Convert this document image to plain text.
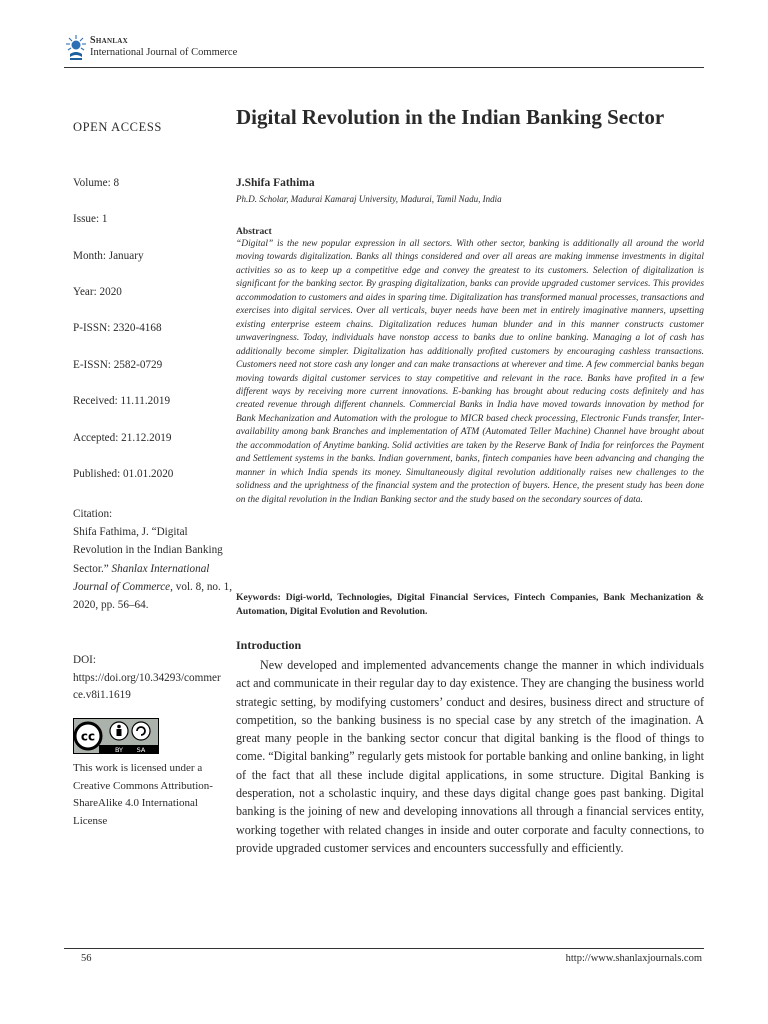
Shanlax
International Journal of Commerce
OPEN ACCESS
Volume: 8
Issue: 1
Month: January
Year: 2020
P-ISSN: 2320-4168
E-ISSN: 2582-0729
Received: 11.11.2019
Accepted: 21.12.2019
Published: 01.01.2020
Citation:
Shifa Fathima, J. “Digital Revolution in the Indian Banking Sector.” Shanlax International Journal of Commerce, vol. 8, no. 1, 2020, pp. 56–64.
DOI:
https://doi.org/10.34293/commerce.v8i1.1619
cc
BY SA
This work is licensed under a Creative Commons Attribution-ShareAlike 4.0 International License
Digital Revolution in the Indian Banking Sector
J.Shifa Fathima
Ph.D. Scholar, Madurai Kamaraj University, Madurai, Tamil Nadu, India
Abstract
“Digital” is the new popular expression in all sectors. With other sector, banking is additionally all around the world moving towards digitalization. Banks all things considered and over all areas are making immense investments in digital activities so as to keep up a competitive edge and convey the greatest to its customers. Selection of digitalization is significant for the banking sector. By grasping digitalization, banks can provide upgraded customer services. This provides accommodation to customers and aides in sparing time. Digitalization has transformed manual processes, transactions and exercises into digital services. Over all verticals, buyer needs have been met in entirely imaginative manners, upsetting existing enterprise esteem chains. Digitalization reduces human blunder and in this manner constructs customer unwaveringness. Today, individuals have nonstop access to banks due to online banking. Managing a lot of cash has additionally become simpler. Digitalization has additionally profited customers by encouraging cashless transactions. Customers need not store cash any longer and can make transactions at wherever and time. A few commercial banks began moving towards digital customer services to stay competitive and relevant in the race. Banks have profited in a few different ways by receiving more current innovations. E-banking has brought about reducing costs definitely and has created revenue through different channels. Commercial Banks in India have moved towards innovation by method for Bank Mechanization and Automation with the prologue to MICR based check processing, Electronic Funds transfer, Inter-availability among bank Branches and implementation of ATM (Automated Teller Machine) Channel have brought about the accommodation of Anytime banking. Solid activities are taken by the Reserve Bank of India for reinforces the Payment and Settlement systems in the banks. Indian government, banks, fintech companies have been advancing and changing the manner in which India spends its money. Simultaneously digital revolution additionally raises new challenges to the solidness and the uprightness of the financial system and the protection of buyers. Hence, the present study has been done on the digital revolution in the Indian Banking sector and the study based on the secondary sources of data.
Keywords: Digi-world, Technologies, Digital Financial Services, Fintech Companies, Bank Mechanization & Automation, Digital Evolution and Revolution.
Introduction
New developed and implemented advancements change the manner in which individuals act and communicate in their regular day to day existence. They are changing the business world strategic setting, by modifying customers’ conduct and desires, business direct and structure of competition, so the banking business is no special case by any stretch of the imagination. A great many people in the banking sector concur that digital banking is the flood of things to come. “Digital banking” regularly gets mistook for portable banking and online banking, in light of the fact that all these include digital applications, in some structure. Digital Banking is desperation, not a scholastic inquiry, and these days digital change goes past banking. Digital banking is the joining of new and developing innovations all through a financial services entity, working together with related changes in inside and outer corporate and faculty connections, to provide upgraded customer services and encounters successfully and efficiently.
56	http://www.shanlaxjournals.com
